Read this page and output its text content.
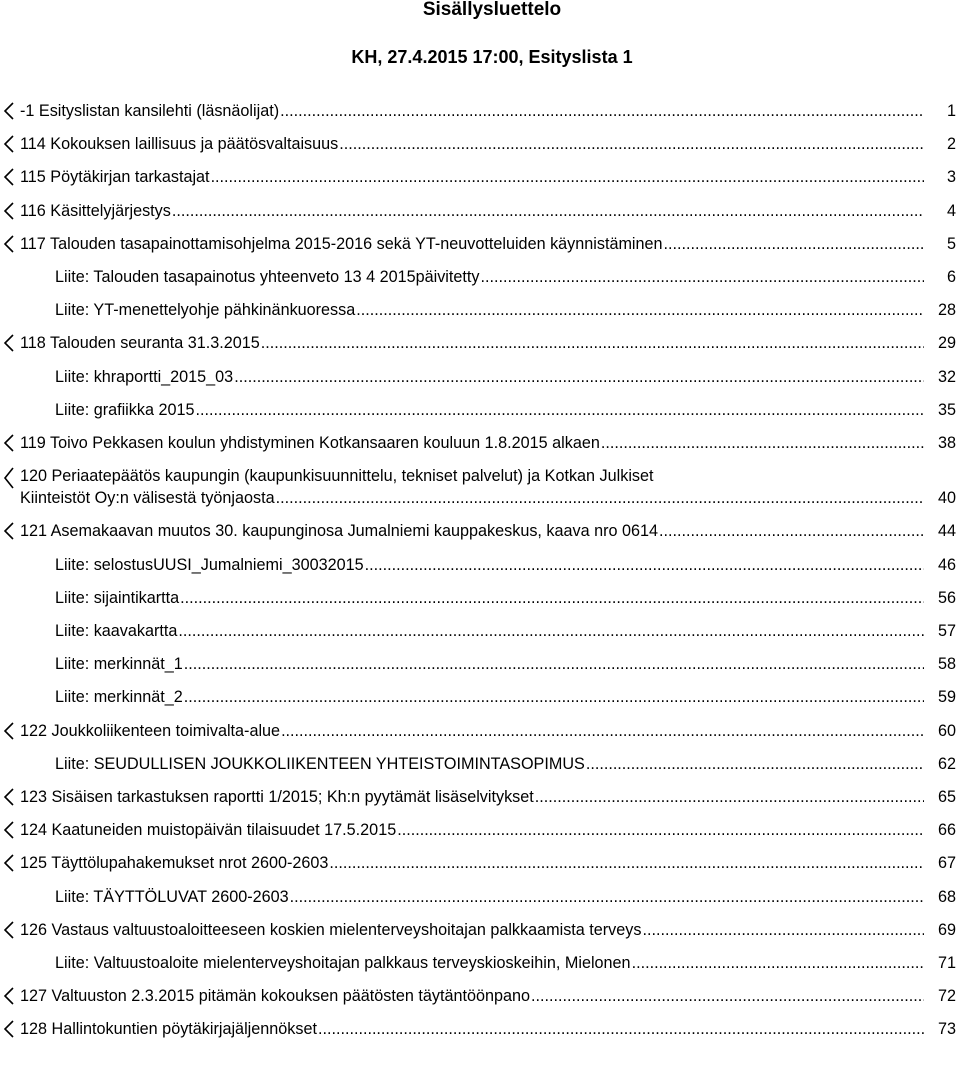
Sisällysluettelo
KH, 27.4.2015 17:00, Esityslista 1
-1 Esityslistan kansilehti (läsnäolijat) .....	1
114 Kokouksen laillisuus ja päätösvaltaisuus .....	2
115 Pöytäkirjan tarkastajat .....	3
116 Käsittelyjärjestys .....	4
117 Talouden tasapainottamisohjelma 2015-2016 sekä YT-neuvotteluiden käynnistäminen .....	5
Liite: Talouden tasapainotus yhteenveto 13 4 2015päivitetty .....	6
Liite: YT-menettelyohje pähkinänkuoressa .....	28
118 Talouden seuranta 31.3.2015 .....	29
Liite: khraportti_2015_03 .....	32
Liite: grafiikka 2015 .....	35
119 Toivo Pekkasen koulun yhdistyminen Kotkansaaren kouluun 1.8.2015 alkaen .....	38
120 Periaatepäätös kaupungin (kaupunkisuunnittelu, tekniset palvelut) ja Kotkan Julkiset
Kiinteistöt Oy:n välisestä työnjaosta .....	40
121 Asemakaavan muutos 30. kaupunginosa Jumalniemi kauppakeskus, kaava nro 0614 .....	44
Liite: selostusUUSI_Jumalniemi_30032015 .....	46
Liite: sijaintikartta .....	56
Liite: kaavakartta .....	57
Liite: merkinnät_1 .....	58
Liite: merkinnät_2 .....	59
122 Joukkoliikenteen toimivalta-alue .....	60
Liite: SEUDULLISEN JOUKKOLIIKENTEEN YHTEISTOIMINTASOPIMUS .....	62
123 Sisäisen tarkastuksen raportti 1/2015; Kh:n pyytämät lisäselvitykset .....	65
124 Kaatuneiden muistopäivän tilaisuudet 17.5.2015 .....	66
125 Täyttölupahakemukset nrot 2600-2603 .....	67
Liite: TÄYTTÖLUVAT 2600-2603 .....	68
126 Vastaus valtuustoaloitteeseen koskien mielenterveyshoitajan palkkaamista terveys .....	69
Liite: Valtuustoaloite mielenterveyshoitajan palkkaus terveyskioskeihin, Mielonen .....	71
127 Valtuuston 2.3.2015 pitämän kokouksen päätösten täytäntöönpano .....	72
128 Hallintokuntien pöytäkirjajäljennökset .....	73
